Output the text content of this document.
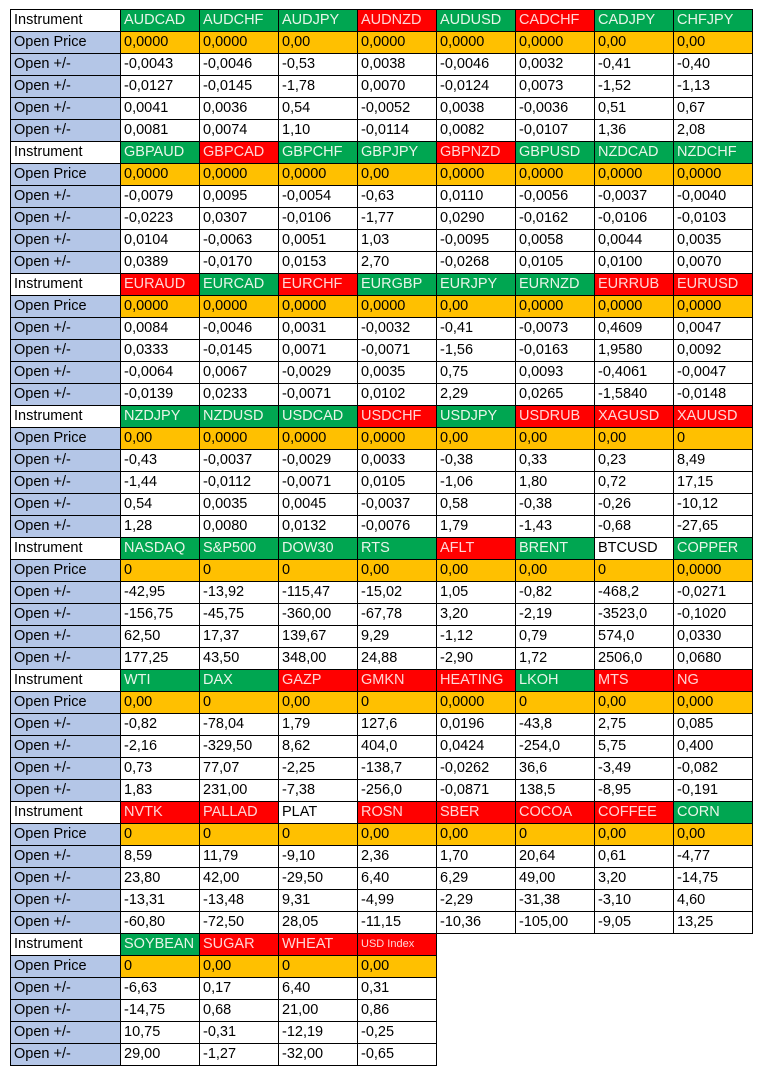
Instrument	AUDCAD	AUDCHF	AUDJPY	AUDNZD	AUDUSD	CADCHF	CADJPY	CHFJPY
Open Price	0,0000	0,0000	0,00	0,0000	0,0000	0,0000	0,00	0,00
Open +/-	-0,0043	-0,0046	-0,53	0,0038	-0,0046	0,0032	-0,41	-0,40
Open +/-	-0,0127	-0,0145	-1,78	0,0070	-0,0124	0,0073	-1,52	-1,13
Open +/-	0,0041	0,0036	0,54	-0,0052	0,0038	-0,0036	0,51	0,67
Open +/-	0,0081	0,0074	1,10	-0,0114	0,0082	-0,0107	1,36	2,08
Instrument	GBPAUD	GBPCAD	GBPCHF	GBPJPY	GBPNZD	GBPUSD	NZDCAD	NZDCHF
Open Price	0,0000	0,0000	0,0000	0,00	0,0000	0,0000	0,0000	0,0000
Open +/-	-0,0079	0,0095	-0,0054	-0,63	0,0110	-0,0056	-0,0037	-0,0040
Open +/-	-0,0223	0,0307	-0,0106	-1,77	0,0290	-0,0162	-0,0106	-0,0103
Open +/-	0,0104	-0,0063	0,0051	1,03	-0,0095	0,0058	0,0044	0,0035
Open +/-	0,0389	-0,0170	0,0153	2,70	-0,0268	0,0105	0,0100	0,0070
Instrument	EURAUD	EURCAD	EURCHF	EURGBP	EURJPY	EURNZD	EURRUB	EURUSD
Open Price	0,0000	0,0000	0,0000	0,0000	0,00	0,0000	0,0000	0,0000
Open +/-	0,0084	-0,0046	0,0031	-0,0032	-0,41	-0,0073	0,4609	0,0047
Open +/-	0,0333	-0,0145	0,0071	-0,0071	-1,56	-0,0163	1,9580	0,0092
Open +/-	-0,0064	0,0067	-0,0029	0,0035	0,75	0,0093	-0,4061	-0,0047
Open +/-	-0,0139	0,0233	-0,0071	0,0102	2,29	0,0265	-1,5840	-0,0148
Instrument	NZDJPY	NZDUSD	USDCAD	USDCHF	USDJPY	USDRUB	XAGUSD	XAUUSD
Open Price	0,00	0,0000	0,0000	0,0000	0,00	0,00	0,00	0
Open +/-	-0,43	-0,0037	-0,0029	0,0033	-0,38	0,33	0,23	8,49
Open +/-	-1,44	-0,0112	-0,0071	0,0105	-1,06	1,80	0,72	17,15
Open +/-	0,54	0,0035	0,0045	-0,0037	0,58	-0,38	-0,26	-10,12
Open +/-	1,28	0,0080	0,0132	-0,0076	1,79	-1,43	-0,68	-27,65
Instrument	NASDAQ	S&P500	DOW30	RTS	AFLT	BRENT	BTCUSD	COPPER
Open Price	0	0	0	0,00	0,00	0,00	0	0,0000
Open +/-	-42,95	-13,92	-115,47	-15,02	1,05	-0,82	-468,2	-0,0271
Open +/-	-156,75	-45,75	-360,00	-67,78	3,20	-2,19	-3523,0	-0,1020
Open +/-	62,50	17,37	139,67	9,29	-1,12	0,79	574,0	0,0330
Open +/-	177,25	43,50	348,00	24,88	-2,90	1,72	2506,0	0,0680
Instrument	WTI	DAX	GAZP	GMKN	HEATING	LKOH	MTS	NG
Open Price	0,00	0	0,00	0	0,0000	0	0,00	0,000
Open +/-	-0,82	-78,04	1,79	127,6	0,0196	-43,8	2,75	0,085
Open +/-	-2,16	-329,50	8,62	404,0	0,0424	-254,0	5,75	0,400
Open +/-	0,73	77,07	-2,25	-138,7	-0,0262	36,6	-3,49	-0,082
Open +/-	1,83	231,00	-7,38	-256,0	-0,0871	138,5	-8,95	-0,191
Instrument	NVTK	PALLAD	PLAT	ROSN	SBER	COCOA	COFFEE	CORN
Open Price	0	0	0	0,00	0,00	0	0,00	0,00
Open +/-	8,59	11,79	-9,10	2,36	1,70	20,64	0,61	-4,77
Open +/-	23,80	42,00	-29,50	6,40	6,29	49,00	3,20	-14,75
Open +/-	-13,31	-13,48	9,31	-4,99	-2,29	-31,38	-3,10	4,60
Open +/-	-60,80	-72,50	28,05	-11,15	-10,36	-105,00	-9,05	13,25
Instrument	SOYBEAN	SUGAR	WHEAT	USD Index				
Open Price	0	0,00	0	0,00				
Open +/-	-6,63	0,17	6,40	0,31				
Open +/-	-14,75	0,68	21,00	0,86				
Open +/-	10,75	-0,31	-12,19	-0,25				
Open +/-	29,00	-1,27	-32,00	-0,65				
